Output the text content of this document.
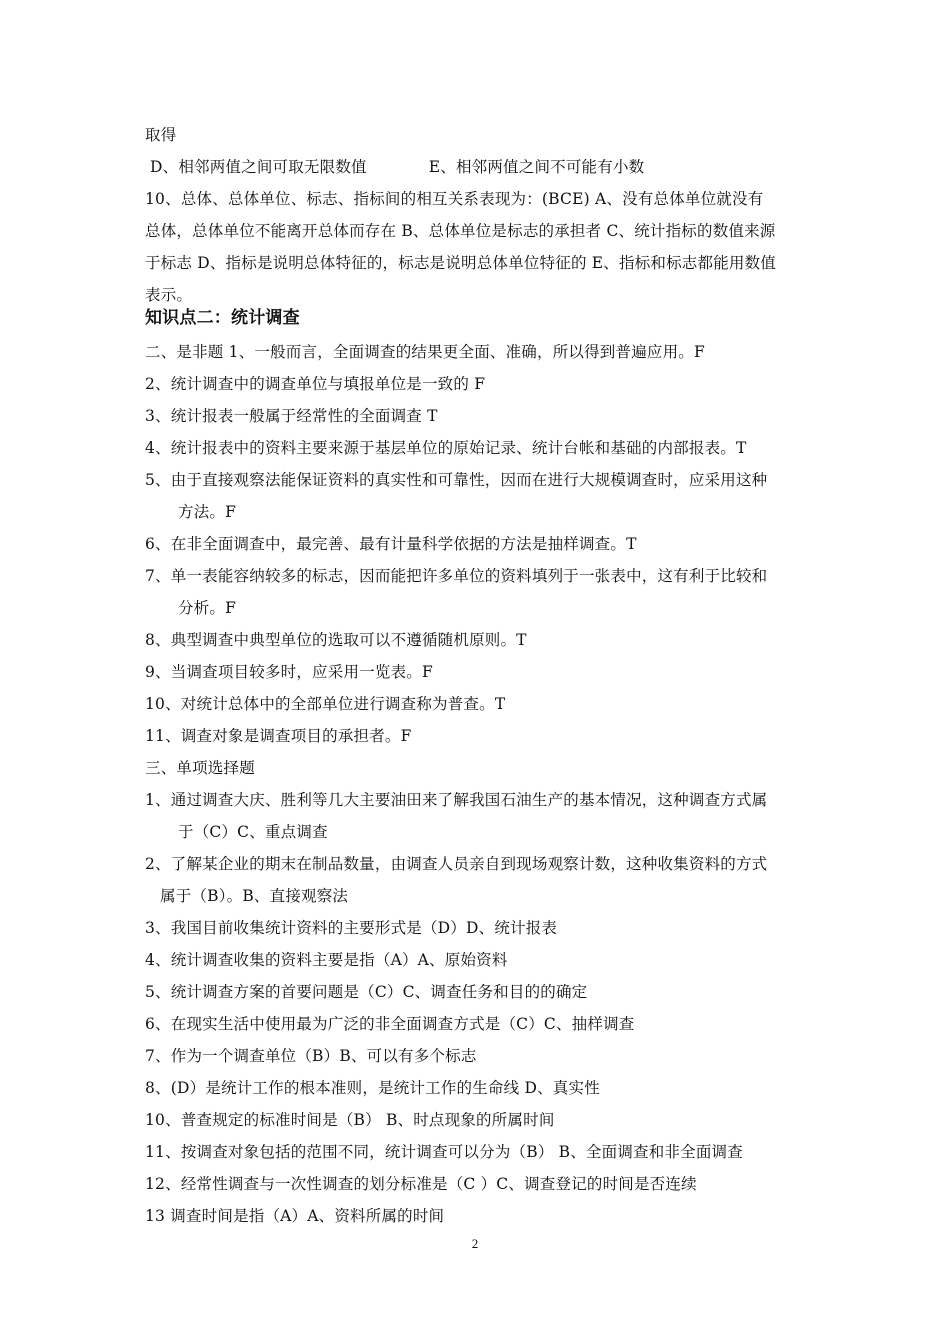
取得
D、相邻两值之间可取无限数值	E、相邻两值之间不可能有小数
10、总体、总体单位、标志、指标间的相互关系表现为：(BCE) A、没有总体单位就没有
总体，总体单位不能离开总体而存在 B、总体单位是标志的承担者 C、统计指标的数值来源
于标志 D、指标是说明总体特征的，标志是说明总体单位特征的 E、指标和标志都能用数值
表示。
知识点二：统计调查
二、是非题 1、一般而言，全面调查的结果更全面、准确，所以得到普遍应用。F
2、统计调查中的调查单位与填报单位是一致的 F
3、统计报表一般属于经常性的全面调查 T
4、统计报表中的资料主要来源于基层单位的原始记录、统计台帐和基础的内部报表。T
5、由于直接观察法能保证资料的真实性和可靠性，因而在进行大规模调查时，应采用这种
方法。F
6、在非全面调查中，最完善、最有计量科学依据的方法是抽样调查。T
7、单一表能容纳较多的标志，因而能把许多单位的资料填列于一张表中，这有利于比较和
分析。F
8、典型调查中典型单位的选取可以不遵循随机原则。T
9、当调查项目较多时，应采用一览表。F
10、对统计总体中的全部单位进行调查称为普查。T
11、调查对象是调查项目的承担者。F
三、单项选择题
1、通过调查大庆、胜利等几大主要油田来了解我国石油生产的基本情况，这种调查方式属
于（C）C、重点调查
2、了解某企业的期末在制品数量，由调查人员亲自到现场观察计数，这种收集资料的方式
属于（B）。B、直接观察法
3、我国目前收集统计资料的主要形式是（D）D、统计报表
4、统计调查收集的资料主要是指（A）A、原始资料
5、统计调查方案的首要问题是（C）C、调查任务和目的的确定
6、在现实生活中使用最为广泛的非全面调查方式是（C）C、抽样调查
7、作为一个调查单位（B）B、可以有多个标志
8、(D）是统计工作的根本准则，是统计工作的生命线 D、真实性
10、普查规定的标准时间是（B） B、时点现象的所属时间
11、按调查对象包括的范围不同，统计调查可以分为（B） B、全面调查和非全面调查
12、经常性调查与一次性调查的划分标准是（C ）C、调查登记的时间是否连续
13 调查时间是指（A）A、资料所属的时间
2
